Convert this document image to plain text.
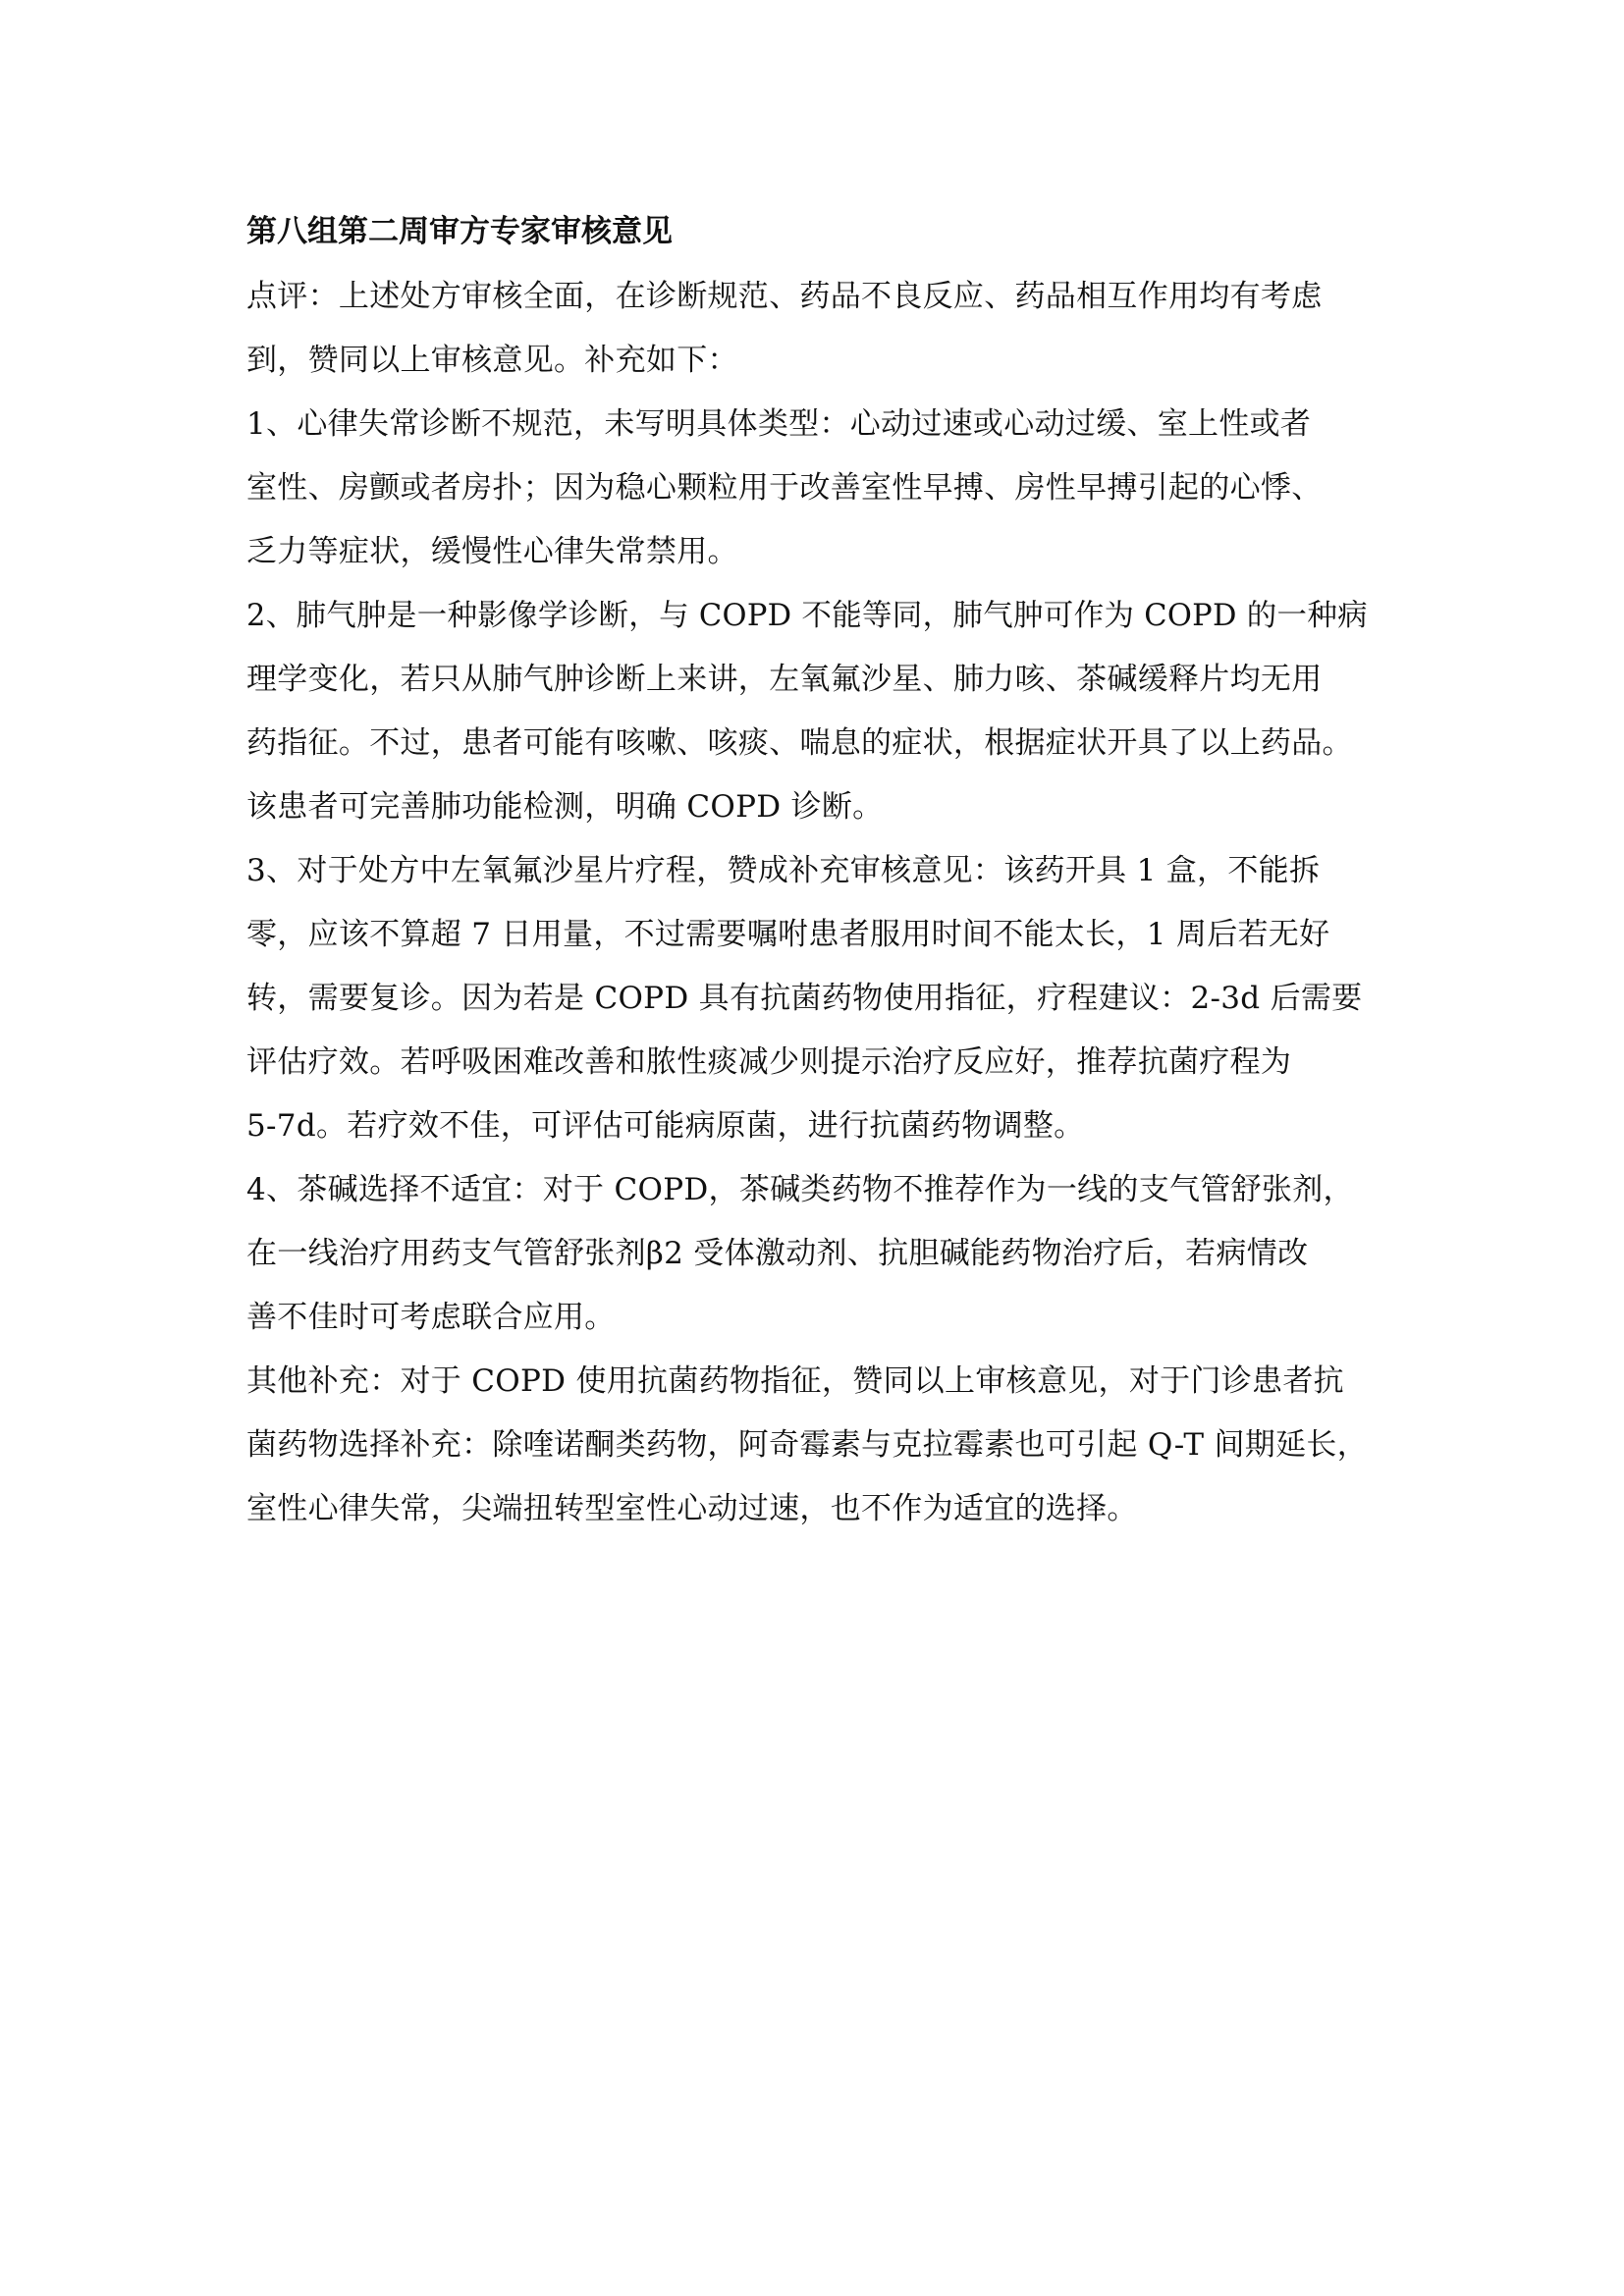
第八组第二周审方专家审核意见

点评：上述处方审核全面，在诊断规范、药品不良反应、药品相互作用均有考虑
到，赞同以上审核意见。补充如下：

1、心律失常诊断不规范，未写明具体类型：心动过速或心动过缓、室上性或者
室性、房颤或者房扑；因为稳心颗粒用于改善室性早搏、房性早搏引起的心悸、
乏力等症状，缓慢性心律失常禁用。

2、肺气肿是一种影像学诊断，与 COPD 不能等同，肺气肿可作为 COPD 的一种病
理学变化，若只从肺气肿诊断上来讲，左氧氟沙星、肺力咳、茶碱缓释片均无用
药指征。不过，患者可能有咳嗽、咳痰、喘息的症状，根据症状开具了以上药品。
该患者可完善肺功能检测，明确 COPD 诊断。

3、对于处方中左氧氟沙星片疗程，赞成补充审核意见：该药开具 1 盒，不能拆
零，应该不算超 7 日用量，不过需要嘱咐患者服用时间不能太长，1 周后若无好
转，需要复诊。因为若是 COPD 具有抗菌药物使用指征，疗程建议：2-3d 后需要
评估疗效。若呼吸困难改善和脓性痰减少则提示治疗反应好，推荐抗菌疗程为
5-7d。若疗效不佳，可评估可能病原菌，进行抗菌药物调整。

4、茶碱选择不适宜：对于 COPD，茶碱类药物不推荐作为一线的支气管舒张剂，
在一线治疗用药支气管舒张剂β2 受体激动剂、抗胆碱能药物治疗后，若病情改
善不佳时可考虑联合应用。

其他补充：对于 COPD 使用抗菌药物指征，赞同以上审核意见，对于门诊患者抗
菌药物选择补充：除喹诺酮类药物，阿奇霉素与克拉霉素也可引起 Q-T 间期延长，
室性心律失常，尖端扭转型室性心动过速，也不作为适宜的选择。
